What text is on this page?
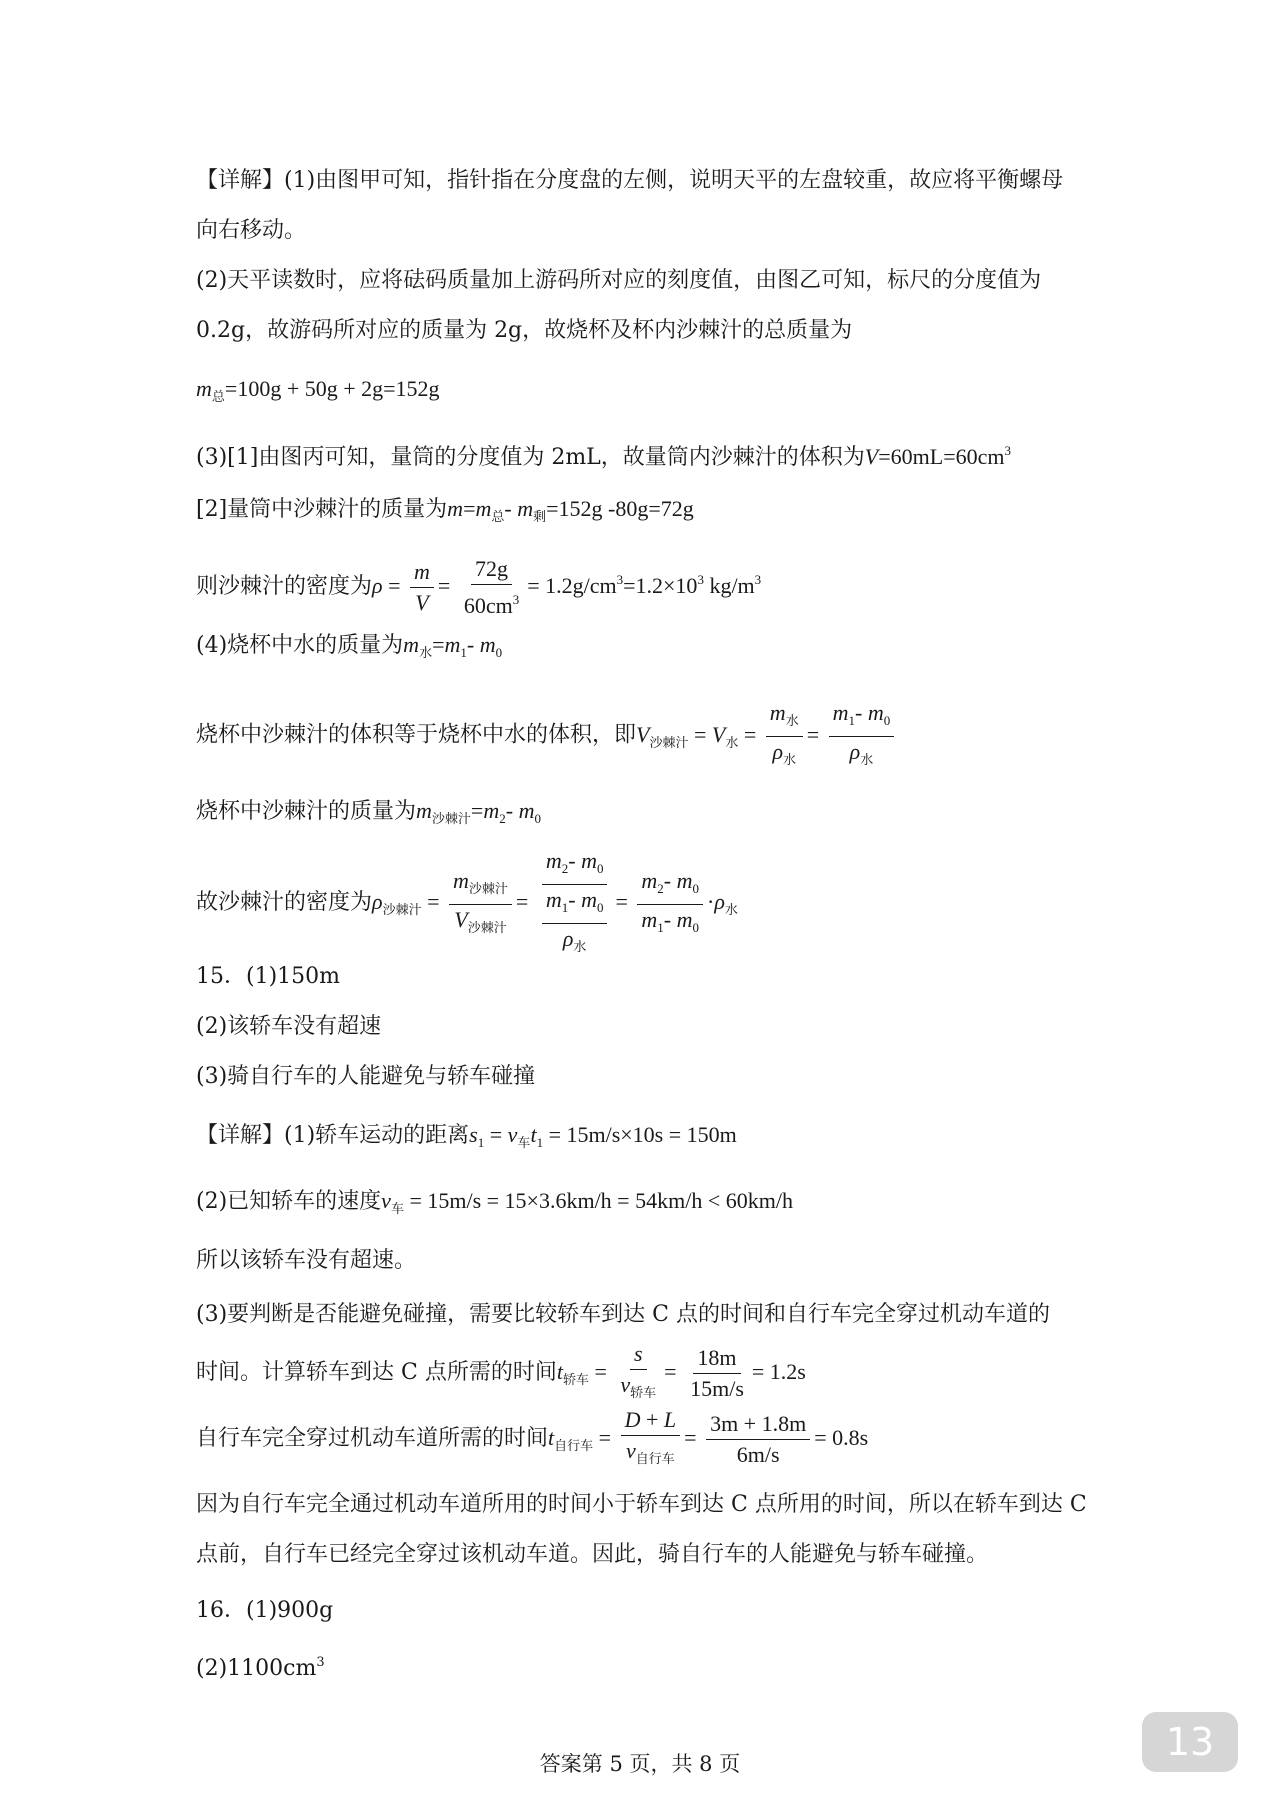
【详解】(1)由图甲可知，指针指在分度盘的左侧，说明天平的左盘较重，故应将平衡螺母
向右移动。
(2)天平读数时，应将砝码质量加上游码所对应的刻度值，由图乙可知，标尺的分度值为
0.2g，故游码所对应的质量为 2g，故烧杯及杯内沙棘汁的总质量为
$m_总=100g + 50g + 2g=152g$
(3)[1]由图丙可知，量筒的分度值为 2mL，故量筒内沙棘汁的体积为$V=60mL=60cm^3$
[2]量筒中沙棘汁的质量为$m=m_总-$ $m_剩=152g$ -80g=72g
则沙棘汁的密度为$\rho = \frac{m}{V} = \frac{72g}{60cm^3} = 1.2g/cm^3=1.2\times 10^3$ $kg/m^3$
(4)烧杯中水的质量为$m_水=m_1-$ $m_0$
烧杯中沙棘汁的体积等于烧杯中水的体积，即$V_{沙棘汁} = V_水 = \frac{m_水}{\rho_水} = \frac{m_1- m_0}{\rho_水}$
烧杯中沙棘汁的质量为$m_{沙棘汁}=m_2-$ $m_0$
故沙棘汁的密度为$\rho_{沙棘汁} = \frac{m_{沙棘汁}}{V_{沙棘汁}} = \frac{m_2- m_0}{\frac{m_1- m_0}{\rho_水}} = \frac{m_2- m_0}{m_1- m_0} \cdot\rho_水$
15．(1)150m
(2)该轿车没有超速
(3)骑自行车的人能避免与轿车碰撞
【详解】(1)轿车运动的距离$s_1 = v_车t_1 = 15m/s\times 10s = 150m$
(2)已知轿车的速度$v_车 = 15m/s = 15\times 3.6km/h = 54km/h < 60km/h$
所以该轿车没有超速。
(3)要判断是否能避免碰撞，需要比较轿车到达 C 点的时间和自行车完全穿过机动车道的
时间。计算轿车到达 C 点所需的时间$t_{轿车} = \frac{s}{v_{轿车}} = \frac{18m}{15m/s} = 1.2s$
自行车完全穿过机动车道所需的时间$t_{自行车} = \frac{D + L}{v_{自行车}} = \frac{3m + 1.8m}{6m/s} = 0.8s$
因为自行车完全通过机动车道所用的时间小于轿车到达 C 点所用的时间，所以在轿车到达 C
点前，自行车已经完全穿过该机动车道。因此，骑自行车的人能避免与轿车碰撞。
16．(1)900g
$(2)1100cm^3$
13
答案第 5 页，共 8 页
